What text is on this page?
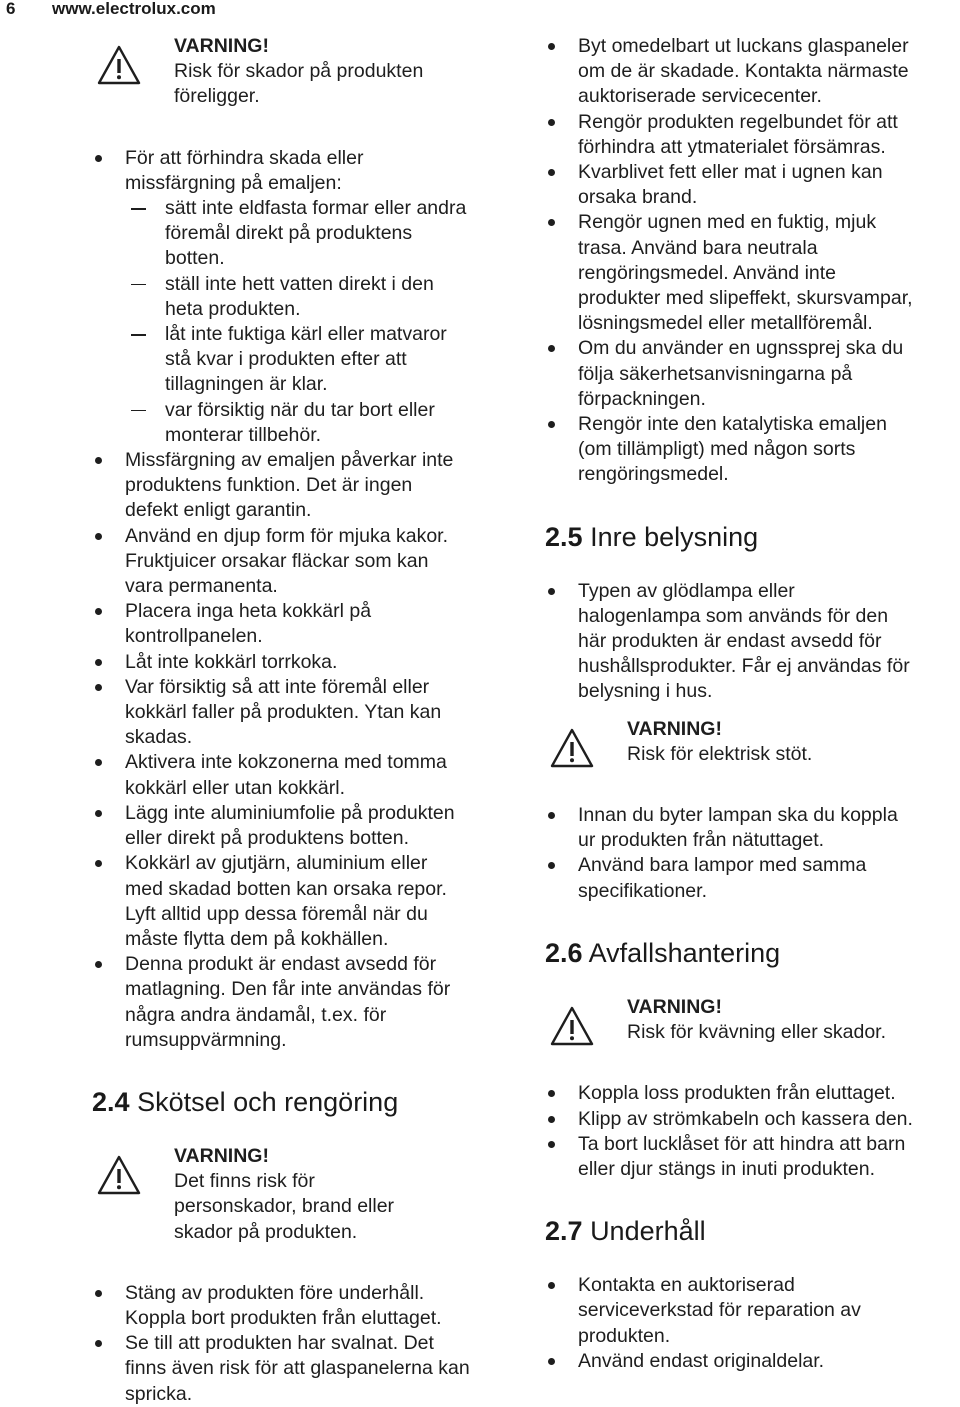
6 www.electrolux.com
VARNING!
Risk för skador på produkten
föreligger.
För att förhindra skada eller
missfärgning på emaljen:
sätt inte eldfasta formar eller andra
föremål direkt på produktens
botten.
ställ inte hett vatten direkt i den
heta produkten.
låt inte fuktiga kärl eller matvaror
stå kvar i produkten efter att
tillagningen är klar.
var försiktig när du tar bort eller
monterar tillbehör.
Missfärgning av emaljen påverkar inte
produktens funktion. Det är ingen
defekt enligt garantin.
Använd en djup form för mjuka kakor.
Fruktjuicer orsakar fläckar som kan
vara permanenta.
Placera inga heta kokkärl på
kontrollpanelen.
Låt inte kokkärl torrkoka.
Var försiktig så att inte föremål eller
kokkärl faller på produkten. Ytan kan
skadas.
Aktivera inte kokzonerna med tomma
kokkärl eller utan kokkärl.
Lägg inte aluminiumfolie på produkten
eller direkt på produktens botten.
Kokkärl av gjutjärn, aluminium eller
med skadad botten kan orsaka repor.
Lyft alltid upp dessa föremål när du
måste flytta dem på kokhällen.
Denna produkt är endast avsedd för
matlagning. Den får inte användas för
några andra ändamål, t.ex. för
rumsuppvärmning.
2.4 Skötsel och rengöring
VARNING!
Det finns risk för
personskador, brand eller
skador på produkten.
Stäng av produkten före underhåll.
Koppla bort produkten från eluttaget.
Se till att produkten har svalnat. Det
finns även risk för att glaspanelerna kan
spricka.
Byt omedelbart ut luckans glaspaneler
om de är skadade. Kontakta närmaste
auktoriserade servicecenter.
Rengör produkten regelbundet för att
förhindra att ytmaterialet försämras.
Kvarblivet fett eller mat i ugnen kan
orsaka brand.
Rengör ugnen med en fuktig, mjuk
trasa. Använd bara neutrala
rengöringsmedel. Använd inte
produkter med slipeffekt, skursvampar,
lösningsmedel eller metallföremål.
Om du använder en ugnssprej ska du
följa säkerhetsanvisningarna på
förpackningen.
Rengör inte den katalytiska emaljen
(om tillämpligt) med någon sorts
rengöringsmedel.
2.5 Inre belysning
Typen av glödlampa eller
halogenlampa som används för den
här produkten är endast avsedd för
hushållsprodukter. Får ej användas för
belysning i hus.
VARNING!
Risk för elektrisk stöt.
Innan du byter lampan ska du koppla
ur produkten från nätuttaget.
Använd bara lampor med samma
specifikationer.
2.6 Avfallshantering
VARNING!
Risk för kvävning eller skador.
Koppla loss produkten från eluttaget.
Klipp av strömkabeln och kassera den.
Ta bort lucklåset för att hindra att barn
eller djur stängs in inuti produkten.
2.7 Underhåll
Kontakta en auktoriserad
serviceverkstad för reparation av
produkten.
Använd endast originaldelar.
